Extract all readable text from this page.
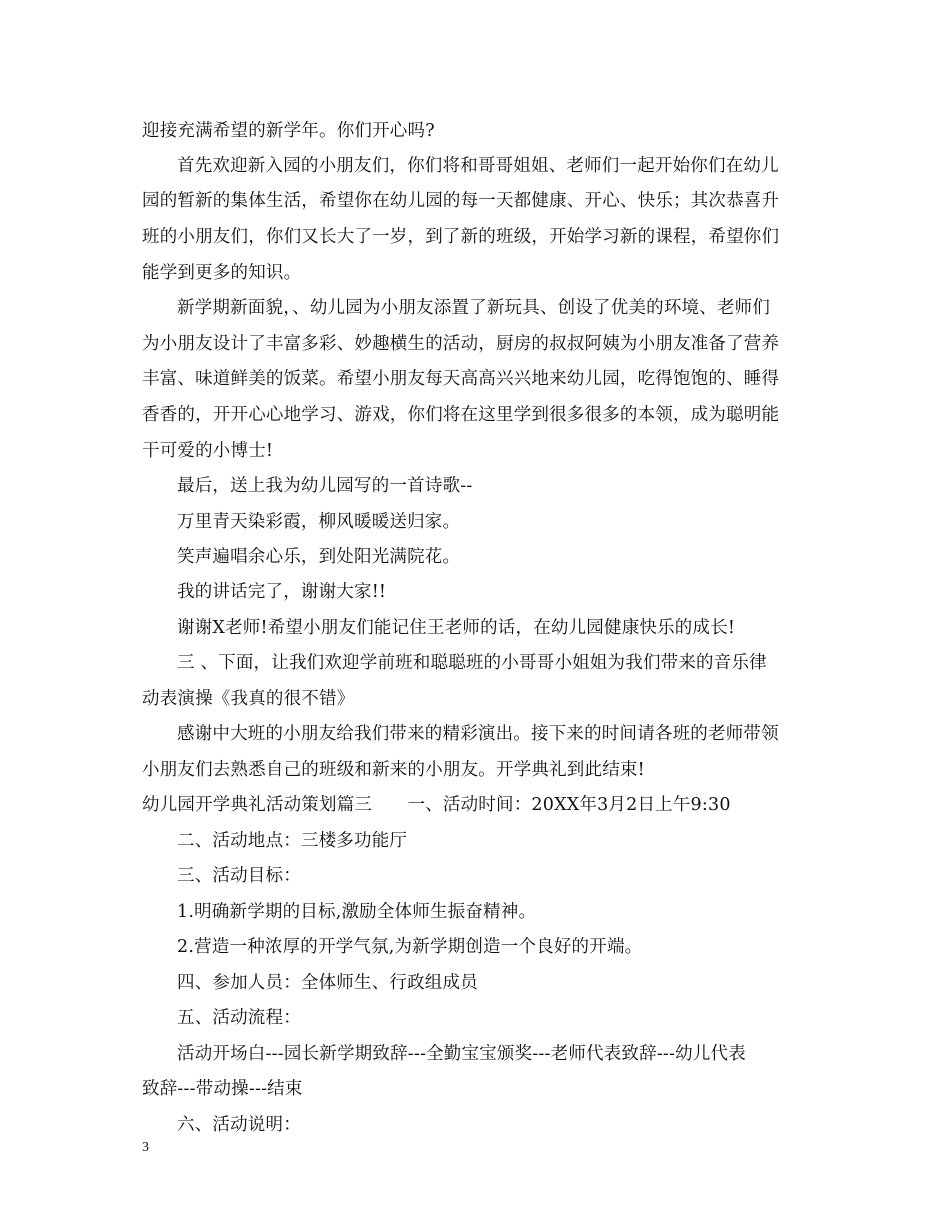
迎接充满希望的新学年。你们开心吗?
首先欢迎新入园的小朋友们，你们将和哥哥姐姐、老师们一起开始你们在幼儿
园的暂新的集体生活，希望你在幼儿园的每一天都健康、开心、快乐；其次恭喜升
班的小朋友们，你们又长大了一岁，到了新的班级，开始学习新的课程，希望你们
能学到更多的知识。
新学期新面貌，、幼儿园为小朋友添置了新玩具、创设了优美的环境、老师们
为小朋友设计了丰富多彩、妙趣横生的活动，厨房的叔叔阿姨为小朋友准备了营养
丰富、味道鲜美的饭菜。希望小朋友每天高高兴兴地来幼儿园，吃得饱饱的、睡得
香香的，开开心心地学习、游戏，你们将在这里学到很多很多的本领，成为聪明能
干可爱的小博士!
最后，送上我为幼儿园写的一首诗歌--
万里青天染彩霞，柳风暖暖送归家。
笑声遍唱余心乐，到处阳光满院花。
我的讲话完了，谢谢大家!!
谢谢X老师!希望小朋友们能记住王老师的话，在幼儿园健康快乐的成长!
三 、下面，让我们欢迎学前班和聪聪班的小哥哥小姐姐为我们带来的音乐律
动表演操《我真的很不错》
感谢中大班的小朋友给我们带来的精彩演出。接下来的时间请各班的老师带领
小朋友们去熟悉自己的班级和新来的小朋友。开学典礼到此结束!
幼儿园开学典礼活动策划篇三　　一、活动时间：20XX年3月2日上午9:30
二、活动地点：三楼多功能厅
三、活动目标：
1.明确新学期的目标,激励全体师生振奋精神。
2.营造一种浓厚的开学气氛,为新学期创造一个良好的开端。
四、参加人员：全体师生、行政组成员
五、活动流程：
活动开场白---园长新学期致辞---全勤宝宝颁奖---老师代表致辞---幼儿代表
致辞---带动操---结束
六、活动说明：
3
